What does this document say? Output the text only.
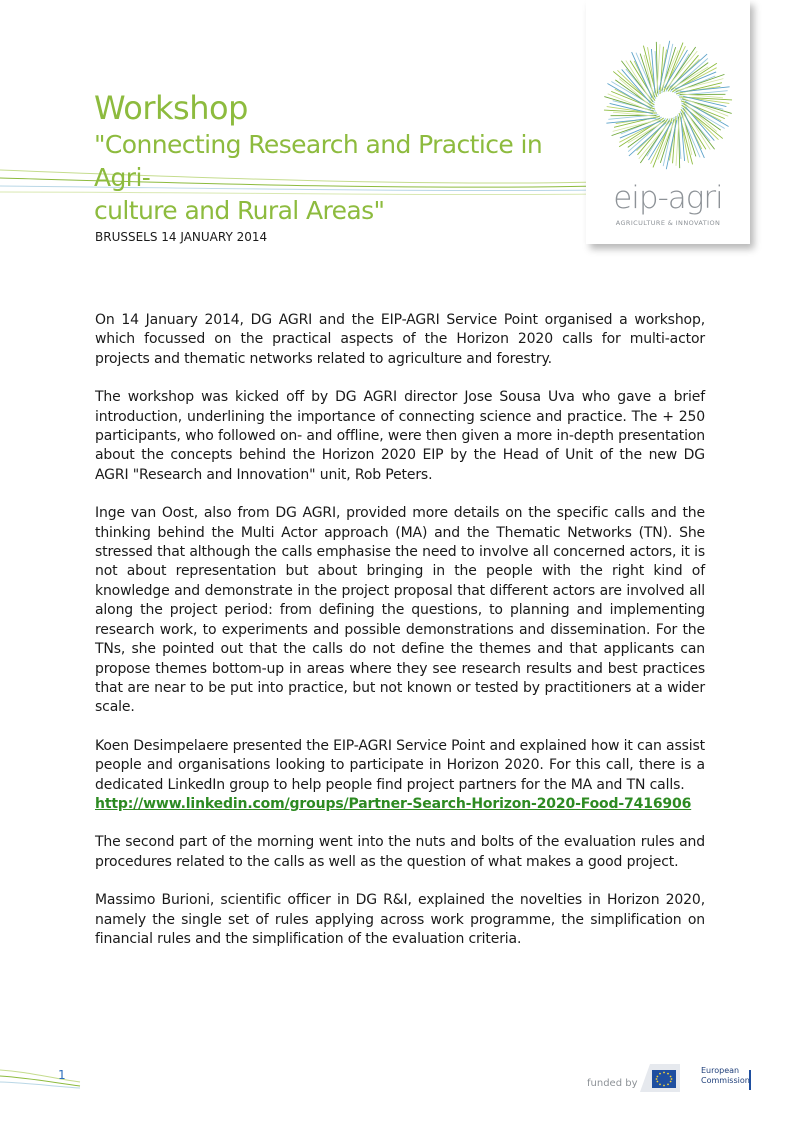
eip-agri
AGRICULTURE & INNOVATION
Workshop
"Connecting Research and Practice in Agri-
culture and Rural Areas"
BRUSSELS 14 JANUARY 2014

On 14 January 2014, DG AGRI and the EIP-AGRI Service Point organised a workshop, which focussed on the practical aspects of the Horizon 2020 calls for multi-actor projects and thematic networks related to agriculture and forestry.

The workshop was kicked off by DG AGRI director Jose Sousa Uva who gave a brief introduction, underlining the importance of connecting science and practice. The + 250 participants, who followed on- and offline, were then given a more in-depth presentation about the concepts behind the Horizon 2020 EIP by the Head of Unit of the new DG AGRI "Research and Innovation" unit, Rob Peters.

Inge van Oost, also from DG AGRI, provided more details on the specific calls and the thinking behind the Multi Actor approach (MA) and the Thematic Networks (TN). She stressed that although the calls emphasise the need to involve all concerned actors, it is not about representation but about bringing in the people with the right kind of knowledge and demonstrate in the project proposal that different actors are involved all along the project period: from defining the questions, to planning and implementing research work, to experiments and possible demonstrations and dissemination. For the TNs, she pointed out that the calls do not define the themes and that applicants can propose themes bottom-up in areas where they see research results and best practices that are near to be put into practice, but not known or tested by practitioners at a wider scale.

Koen Desimpelaere presented the EIP-AGRI Service Point and explained how it can assist people and organisations looking to participate in Horizon 2020. For this call, there is a dedicated LinkedIn group to help people find project partners for the MA and TN calls.

http://www.linkedin.com/groups/Partner-Search-Horizon-2020-Food-7416906

The second part of the morning went into the nuts and bolts of the evaluation rules and procedures related to the calls as well as the question of what makes a good project.

Massimo Burioni, scientific officer in DG R&I, explained the novelties in Horizon 2020, namely the single set of rules applying across work programme, the simplification on financial rules and the simplification of the evaluation criteria.

1
funded by
European
Commission
